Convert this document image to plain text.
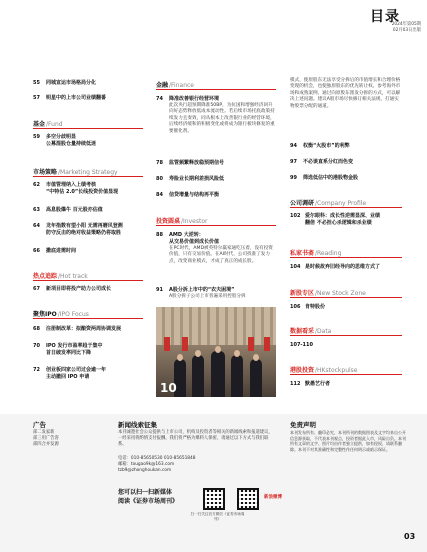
目录
2024年第05期
02月03日出版
55	同城宣运市场格局分化
57	明星中的上市公司业绩翻番
基金/Fund
59	多空分歧明显
公募混股仓量持续低迷
市场策略/Marketing Strategy
62	市值管理纳入上绩考核
“中特估 2.0”长线投资价值显现
63	高息股爆牛 百元股亦估值
64	龙年指数有望小阳 无需再磨风登测
防守反击的绝对收益策略仍将取胜
66	撒底进需时间
热点追踪/Hot track
67	新项目即将投产助力公司成长
聚焦IPO/IPO Focus
68	注册制改革：拟酿资两周协调发展
70	IPO 发行市盈率趋于集中
首日破发率同比下降
72	创业板四家公司过会逾一年
主动撤回 IPO 申请
金融/Finance
74	降准改善银行经营环境
此次央行超预期降准50BP，为抗国和增强经济回升向好态势释放低成本流动性。若后续市场托底政策持续发力且奏效，同从根本上改善银行业的经营环境，后续经济缓和的积极变化或将成为银行板块修复的重要催化剂。
78	监管频繁释放稳预期信号
80	寿险业长期利差损风险低
84	信贷增量与结构再平衡
投资圆桌/Investor
88	AMD 大逆转：
从交易价值到成长价值
在PC时代，AMD被英特尔赢家通吃压着，没有投资价值，只有交易价值。在AI时代，公司找准了发力点，改变商业模式，才成了真正的成长股。
91	A股分拆上市中的“农夫困境”
A股分拆子公司上市普遍采用控股分拆
10
模式，使原股东无法享受分拆后的市值增长和合理价格变现的机会，也使独原股东的优先转让权、参考海外市场和成熟案例，通过向原股东派发分拆的方式，可以解决上述问题。建议A股市场尽快修订相关法规，打通实物股票分配的通道。
94	权衡“火股市”的利弊
97	不必谈直系分红而色变
99	筛选低估中的港股物金股
公司调研/Company Profile
102 爱尔眼科：成长性逆需显深、业绩
翻倍 不必担心杀逻辑和杀业绩
私家书斋/Reading
104 是时候故弃旧经导向的思维方式了
新股专区/New Stock Zone
106 肯特股份
数据看采/Data
107-110
港股投资/HKstockpulse
112 默愚艺行者
广告
部二发家新
部三用广告客
部四合并发源
新闻线索征集
本刊诚邀社会公众提供与上市公司、机构及投资者等相关的新闻线索和报道建议，一经采用将酌情支付报酬。我们将严格为爆料人保密，请通过以下方式与我们联系。
电话：010-85650530 010-85651848
邮箱：tougao9k@163.com
tzb9@zhonghoukan.com
您可以扫一扫新媒体
阅读《证券市场周刊》
扫一扫关注官方微信《证券市场周刊》
新浪微博
免责声明
本刊发布所有、翻印必究，本刊所刊的数据图表及文字均来自公开信息源获取，不代表本刊观点，投资者据此入市，风险自负。本刊所有文章的文字、图片均由作者独立提供，如有侵权，请联系删除。本刊不对其准确性和完整性作任何明示或暗示保证。
03
